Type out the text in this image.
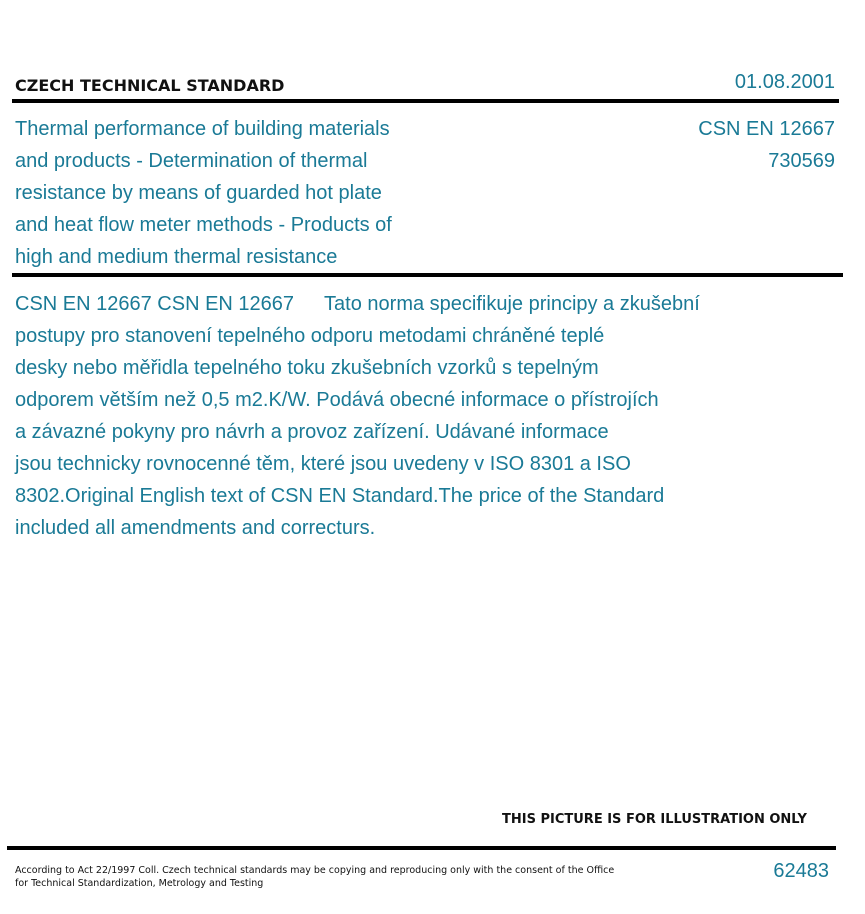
CZECH TECHNICAL STANDARD	01.08.2001
Thermal performance of building materials
and products - Determination of thermal
resistance by means of guarded hot plate
and heat flow meter methods - Products of
high and medium thermal resistance
CSN EN 12667
730569
CSN EN 12667 CSN EN 12667 Tato norma specifikuje principy a zkušební
postupy pro stanovení tepelného odporu metodami chráněné teplé
desky nebo měřidla tepelného toku zkušebních vzorků s tepelným
odporem větším než 0,5 m2.K/W. Podává obecné informace o přístrojích
a závazné pokyny pro návrh a provoz zařízení. Udávané informace
jsou technicky rovnocenné těm, které jsou uvedeny v ISO 8301 a ISO
8302.Original English text of CSN EN Standard.The price of the Standard
included all amendments and correcturs.
THIS PICTURE IS FOR ILLUSTRATION ONLY
According to Act 22/1997 Coll. Czech technical standards may be copying and reproducing only with the consent of the Office
for Technical Standardization, Metrology and Testing
62483
